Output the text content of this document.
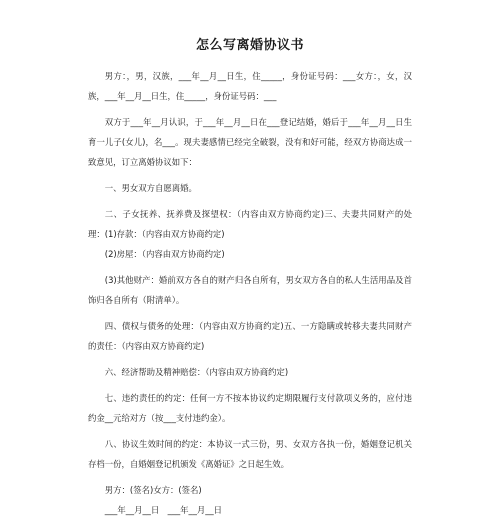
怎么写离婚协议书

男方：，男，汉族，___年__月__日生，住_____，身份证号码：___女方：，女，汉族，___年__月__日生，住_____，身份证号码：___

双方于___年__月认识，于___年__月__日在___登记结婚，婚后于___年__月__日生育一儿子(女儿)，名___。现夫妻感情已经完全破裂，没有和好可能，经双方协商达成一致意见，订立离婚协议如下：

一、男女双方自愿离婚。

二、子女抚养、抚养费及探望权：（内容由双方协商约定)三、夫妻共同财产的处理：(1)存款：（内容由双方协商约定)

(2)房屋：（内容由双方协商约定)

(3)其他财产：婚前双方各自的财产归各自所有，男女双方各自的私人生活用品及首饰归各自所有（附清单）。

四、债权与债务的处理：（内容由双方协商约定)五、一方隐瞒或转移夫妻共同财产的责任：（内容由双方协商约定)

六、经济帮助及精神赔偿：（内容由双方协商约定)

七、违约责任的约定：任何一方不按本协议约定期限履行支付款项义务的，应付违约金__元给对方（按___支付违约金）。

八、协议生效时间的约定：本协议一式三份，男、女双方各执一份，婚姻登记机关存档一份，自婚姻登记机颁发《离婚证》之日起生效。

男方：(签名)女方：(签名)

___年__月__日　___年__月__日
